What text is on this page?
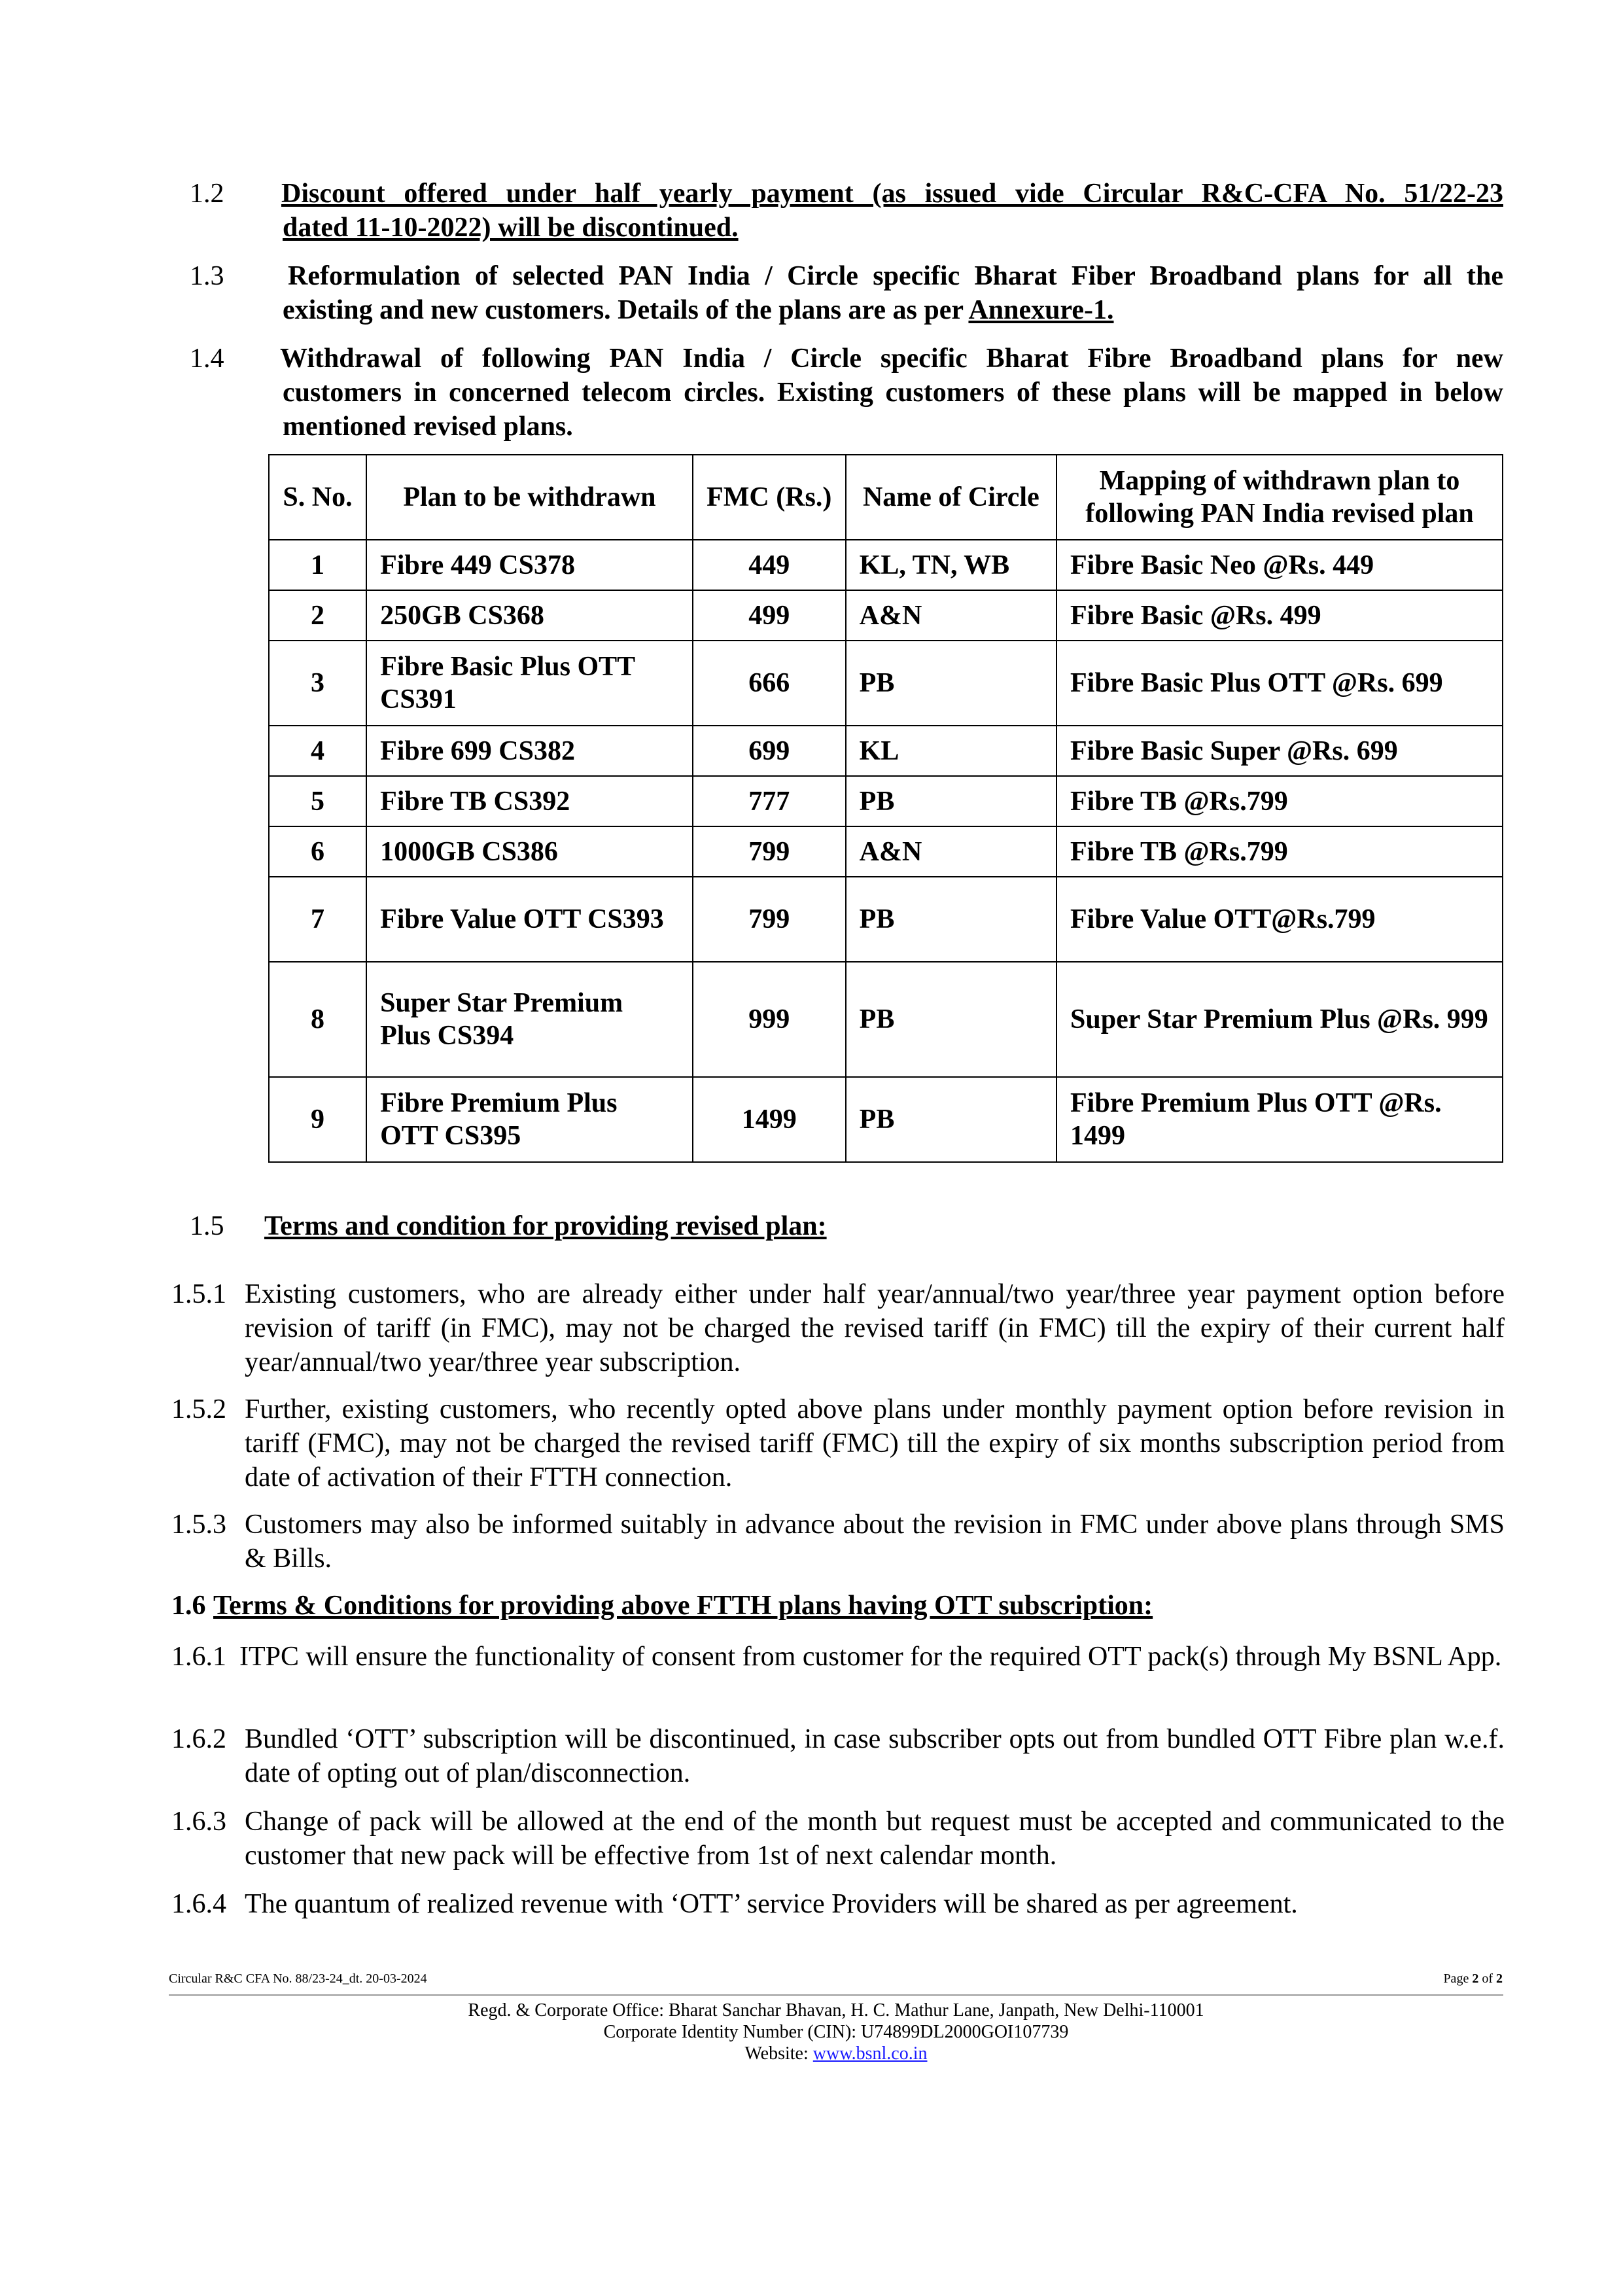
1.2 Discount offered under half yearly payment (as issued vide Circular R&C-CFA No. 51/22-23
dated 11-10-2022) will be discontinued.
1.3 Reformulation of selected PAN India / Circle specific Bharat Fiber Broadband plans for all the
existing and new customers. Details of the plans are as per Annexure-1.
1.4 Withdrawal of following PAN India / Circle specific Bharat Fibre Broadband plans for new
customers in concerned telecom circles. Existing customers of these plans will be mapped in below
mentioned revised plans.
S. No.	Plan to be withdrawn	FMC (Rs.)	Name of Circle	Mapping of withdrawn plan to following PAN India revised plan
1	Fibre 449 CS378	449	KL, TN, WB	Fibre Basic Neo @Rs. 449
2	250GB CS368	499	A&N	Fibre Basic @Rs. 499
3	Fibre Basic Plus OTT CS391	666	PB	Fibre Basic Plus OTT @Rs. 699
4	Fibre 699 CS382	699	KL	Fibre Basic Super @Rs. 699
5	Fibre TB CS392	777	PB	Fibre TB @Rs.799
6	1000GB CS386	799	A&N	Fibre TB @Rs.799
7	Fibre Value OTT CS393	799	PB	Fibre Value OTT@Rs.799
8	Super Star Premium Plus CS394	999	PB	Super Star Premium Plus @Rs. 999
9	Fibre Premium Plus OTT CS395	1499	PB	Fibre Premium Plus OTT @Rs. 1499
1.5 Terms and condition for providing revised plan:
1.5.1 Existing customers, who are already either under half year/annual/two year/three year payment option before revision of tariff (in FMC), may not be charged the revised tariff (in FMC) till the expiry of their current half year/annual/two year/three year subscription.
1.5.2 Further, existing customers, who recently opted above plans under monthly payment option before revision in tariff (FMC), may not be charged the revised tariff (FMC) till the expiry of six months subscription period from date of activation of their FTTH connection.
1.5.3 Customers may also be informed suitably in advance about the revision in FMC under above plans through SMS & Bills.
1.6 Terms & Conditions for providing above FTTH plans having OTT subscription:
1.6.1 ITPC will ensure the functionality of consent from customer for the required OTT pack(s) through My BSNL App.
1.6.2 Bundled ‘OTT’ subscription will be discontinued, in case subscriber opts out from bundled OTT Fibre plan w.e.f. date of opting out of plan/disconnection.
1.6.3 Change of pack will be allowed at the end of the month but request must be accepted and communicated to the customer that new pack will be effective from 1st of next calendar month.
1.6.4 The quantum of realized revenue with ‘OTT’ service Providers will be shared as per agreement.
Circular R&C CFA No. 88/23-24_dt. 20-03-2024	Page 2 of 2
Regd. & Corporate Office: Bharat Sanchar Bhavan, H. C. Mathur Lane, Janpath, New Delhi-110001
Corporate Identity Number (CIN): U74899DL2000GOI107739
Website: www.bsnl.co.in
